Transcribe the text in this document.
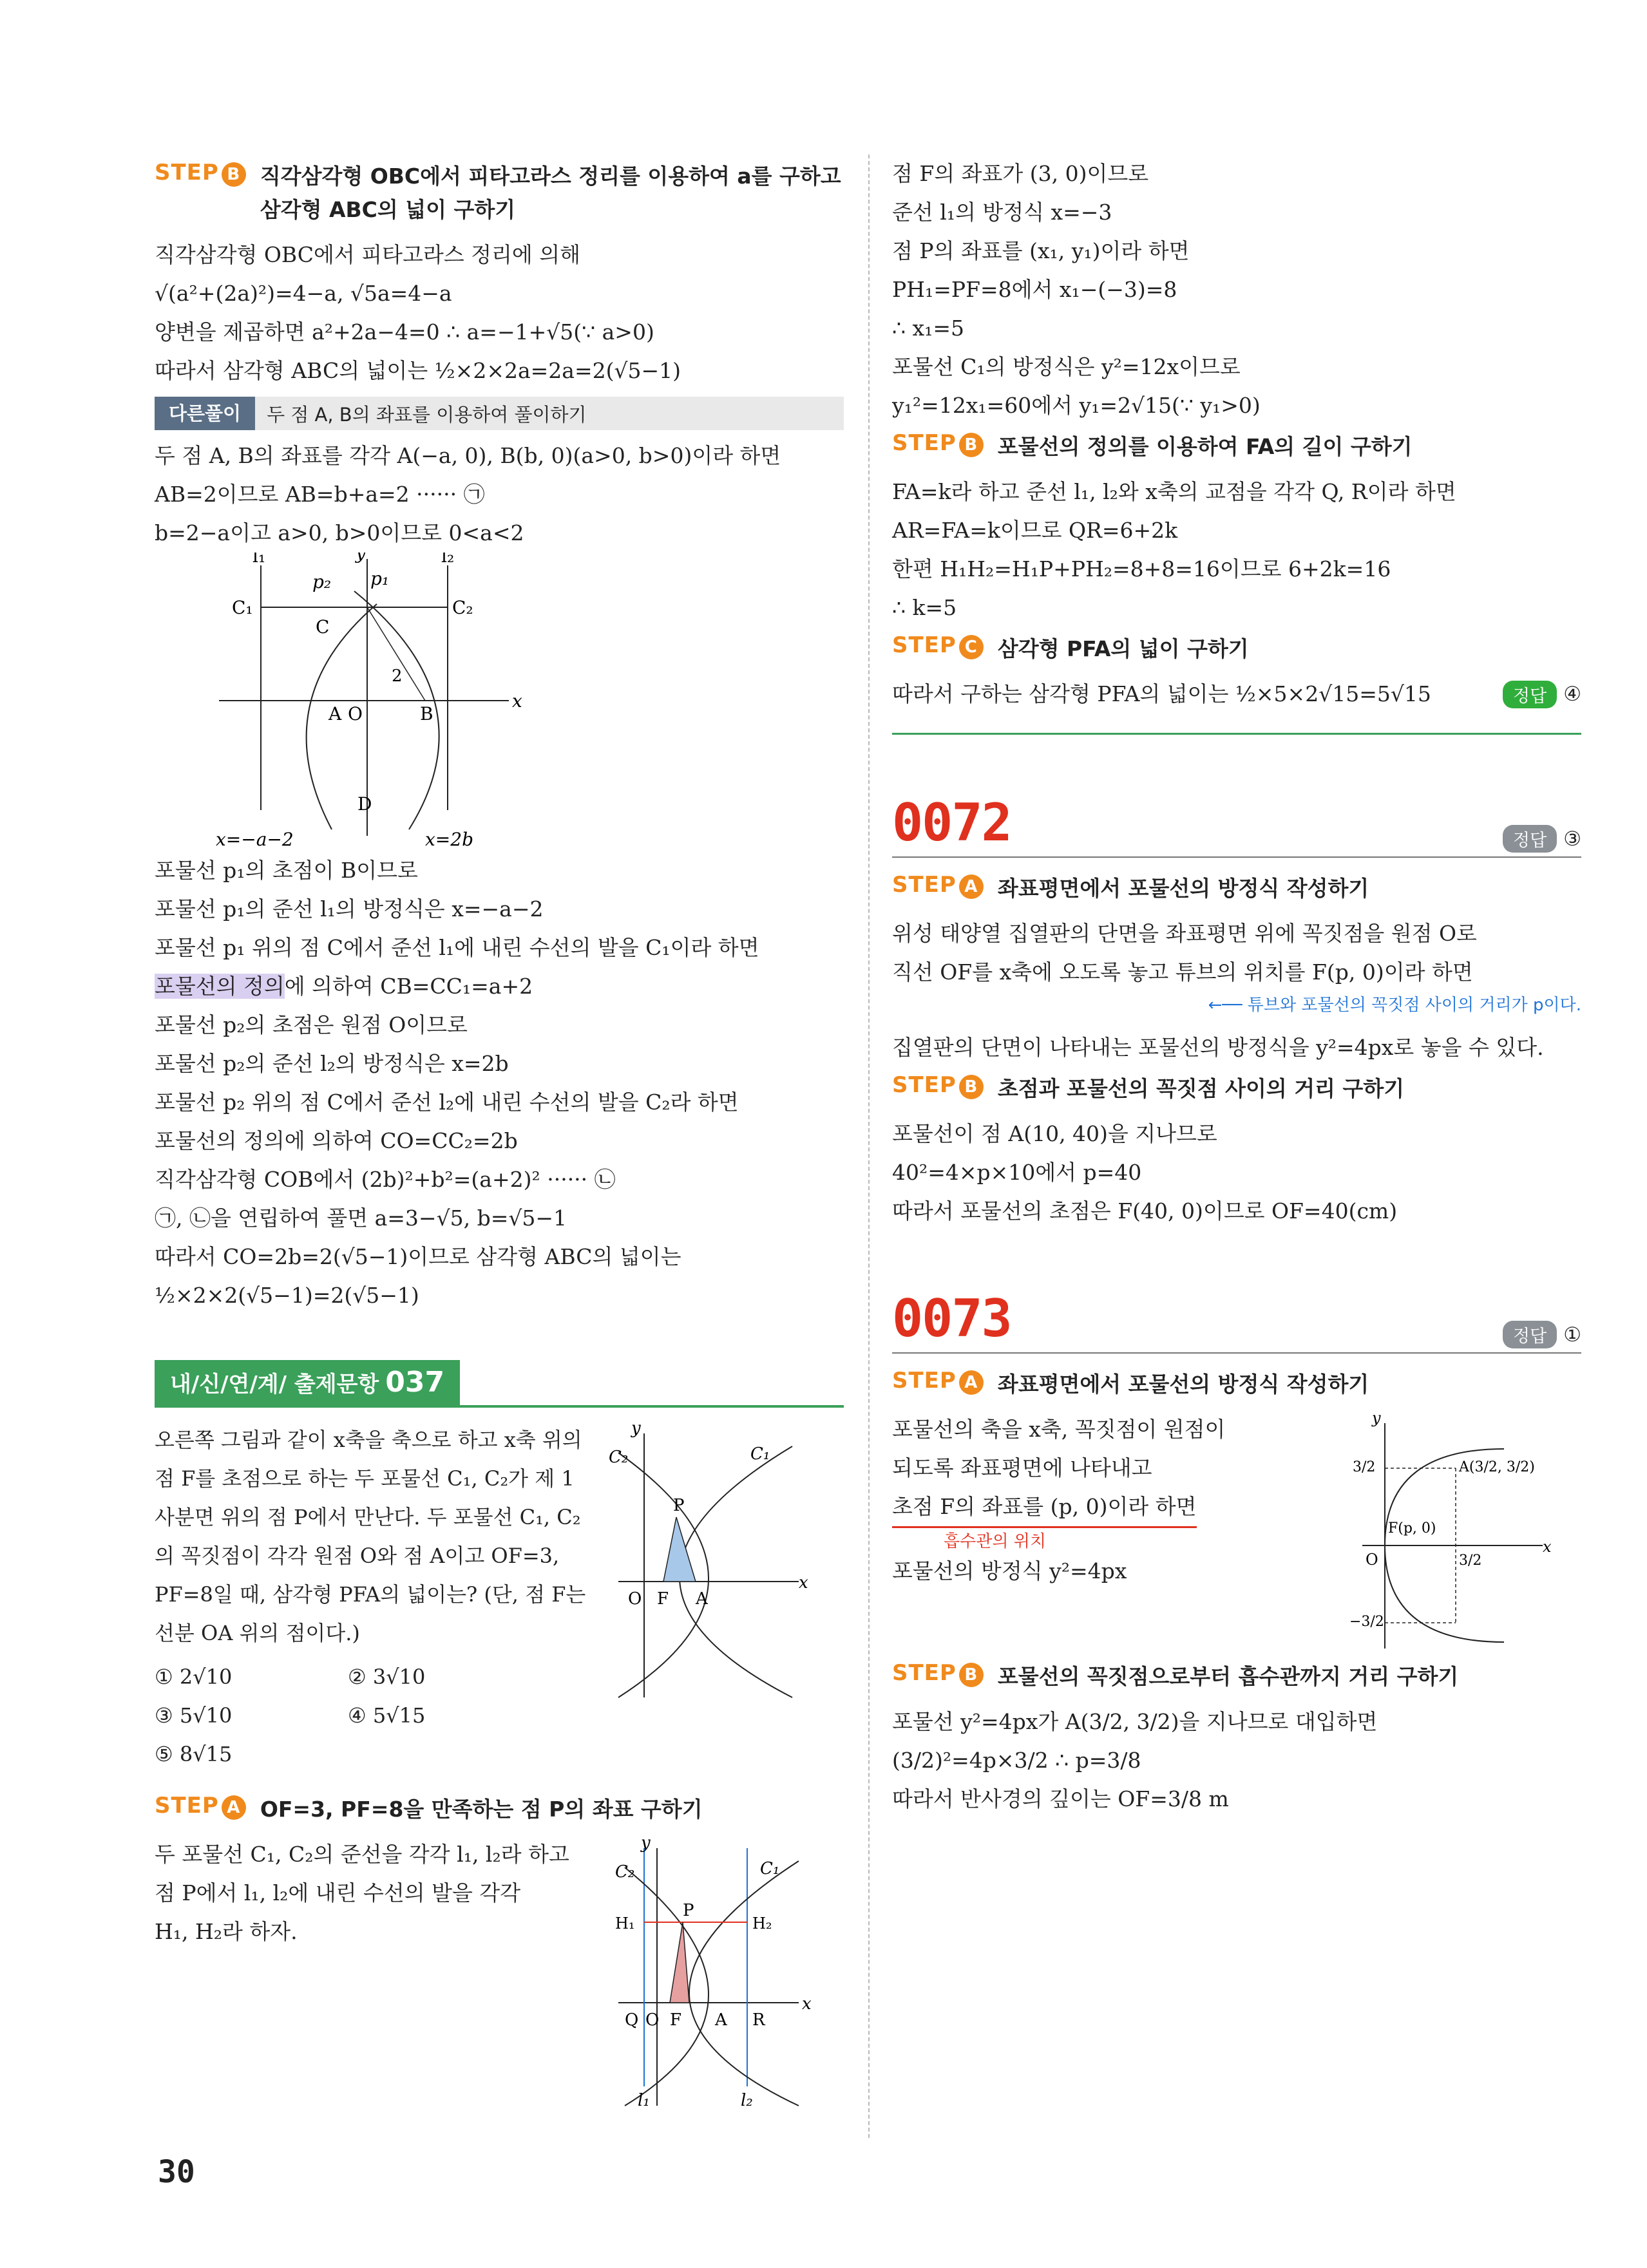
STEP B 직각삼각형 OBC에서 피타고라스 정리를 이용하여 a를 구하고
삼각형 ABC의 넓이 구하기
직각삼각형 OBC에서 피타고라스 정리에 의해
√(a²+(2a)²)=4−a, √5a=4−a
양변을 제곱하면 a²+2a−4=0 ∴ a=−1+√5(∵ a>0)
따라서 삼각형 ABC의 넓이는 ½×2×2a=2a=2(√5−1)
다른풀이	두 점 A, B의 좌표를 이용하여 풀이하기
두 점 A, B의 좌표를 각각 A(−a, 0), B(b, 0)(a>0, b>0)이라 하면
AB=2이므로 AB=b+a=2 ······ ㉠
b=2−a이고 a>0, b>0이므로 0<a<2
l₁	l₂
y
x
p₁
p₂
C₁	C₂
C
A O	B
D
2
x=−a−2	x=2b
포물선 p₁의 초점이 B이므로
포물선 p₁의 준선 l₁의 방정식은 x=−a−2
포물선 p₁ 위의 점 C에서 준선 l₁에 내린 수선의 발을 C₁이라 하면
포물선의 정의에 의하여 CB=CC₁=a+2
포물선 p₂의 초점은 원점 O이므로
포물선 p₂의 준선 l₂의 방정식은 x=2b
포물선 p₂ 위의 점 C에서 준선 l₂에 내린 수선의 발을 C₂라 하면
포물선의 정의에 의하여 CO=CC₂=2b
직각삼각형 COB에서 (2b)²+b²=(a+2)² ······ ㉡
㉠, ㉡을 연립하여 풀면 a=3−√5, b=√5−1
따라서 CO=2b=2(√5−1)이므로 삼각형 ABC의 넓이는
½×2×2(√5−1)=2(√5−1)
내/신/연/계/ 출제문항 037
오른쪽 그림과 같이 x축을 축으로 하고 x축 위의 점 F를 초점으로 하는 두 포물선 C₁, C₂가 제 1사분면 위의 점 P에서 만난다. 두 포물선 C₁, C₂의 꼭짓점이 각각 원점 O와 점 A이고 OF=3, PF=8일 때, 삼각형 PFA의 넓이는? (단, 점 F는 선분 OA 위의 점이다.)
① 2√10	② 3√10
③ 5√10	④ 5√15
⑤ 8√15
y
x
C₁
C₂
P
O F A
STEP A OF=3, PF=8을 만족하는 점 P의 좌표 구하기
두 포물선 C₁, C₂의 준선을 각각 l₁, l₂라 하고
점 P에서 l₁, l₂에 내린 수선의 발을 각각
H₁, H₂라 하자.
y
x
C₁
C₂
P
H₁	H₂
Q O F A R
l₁	l₂
점 F의 좌표가 (3, 0)이므로
준선 l₁의 방정식 x=−3
점 P의 좌표를 (x₁, y₁)이라 하면
PH₁=PF=8에서 x₁−(−3)=8
∴ x₁=5
포물선 C₁의 방정식은 y²=12x이므로
y₁²=12x₁=60에서 y₁=2√15(∵ y₁>0)
STEP B 포물선의 정의를 이용하여 FA의 길이 구하기
FA=k라 하고 준선 l₁, l₂와 x축의 교점을 각각 Q, R이라 하면
AR=FA=k이므로 QR=6+2k
한편 H₁H₂=H₁P+PH₂=8+8=16이므로 6+2k=16
∴ k=5
STEP C 삼각형 PFA의 넓이 구하기
따라서 구하는 삼각형 PFA의 넓이는 ½×5×2√15=5√15	정답 ④
0072	정답 ③
STEP A 좌표평면에서 포물선의 방정식 작성하기
위성 태양열 집열판의 단면을 좌표평면 위에 꼭짓점을 원점 O로
직선 OF를 x축에 오도록 놓고 튜브의 위치를 F(p, 0)이라 하면
←── 튜브와 포물선의 꼭짓점 사이의 거리가 p이다.
집열판의 단면이 나타내는 포물선의 방정식을 y²=4px로 놓을 수 있다.
STEP B 초점과 포물선의 꼭짓점 사이의 거리 구하기
포물선이 점 A(10, 40)을 지나므로
40²=4×p×10에서 p=40
따라서 포물선의 초점은 F(40, 0)이므로 OF=40(cm)
0073	정답 ①
STEP A 좌표평면에서 포물선의 방정식 작성하기
포물선의 축을 x축, 꼭짓점이 원점이
되도록 좌표평면에 나타내고
초점 F의 좌표를 (p, 0)이라 하면
흡수관의 위치
포물선의 방정식 y²=4px
y
x
O
A(3/2, 3/2)
F(p, 0)
3/2
−3/2
3/2
STEP B 포물선의 꼭짓점으로부터 흡수관까지 거리 구하기
포물선 y²=4px가 A(3/2, 3/2)을 지나므로 대입하면
(3/2)²=4p×3/2 ∴ p=3/8
따라서 반사경의 깊이는 OF=3/8 m
30
